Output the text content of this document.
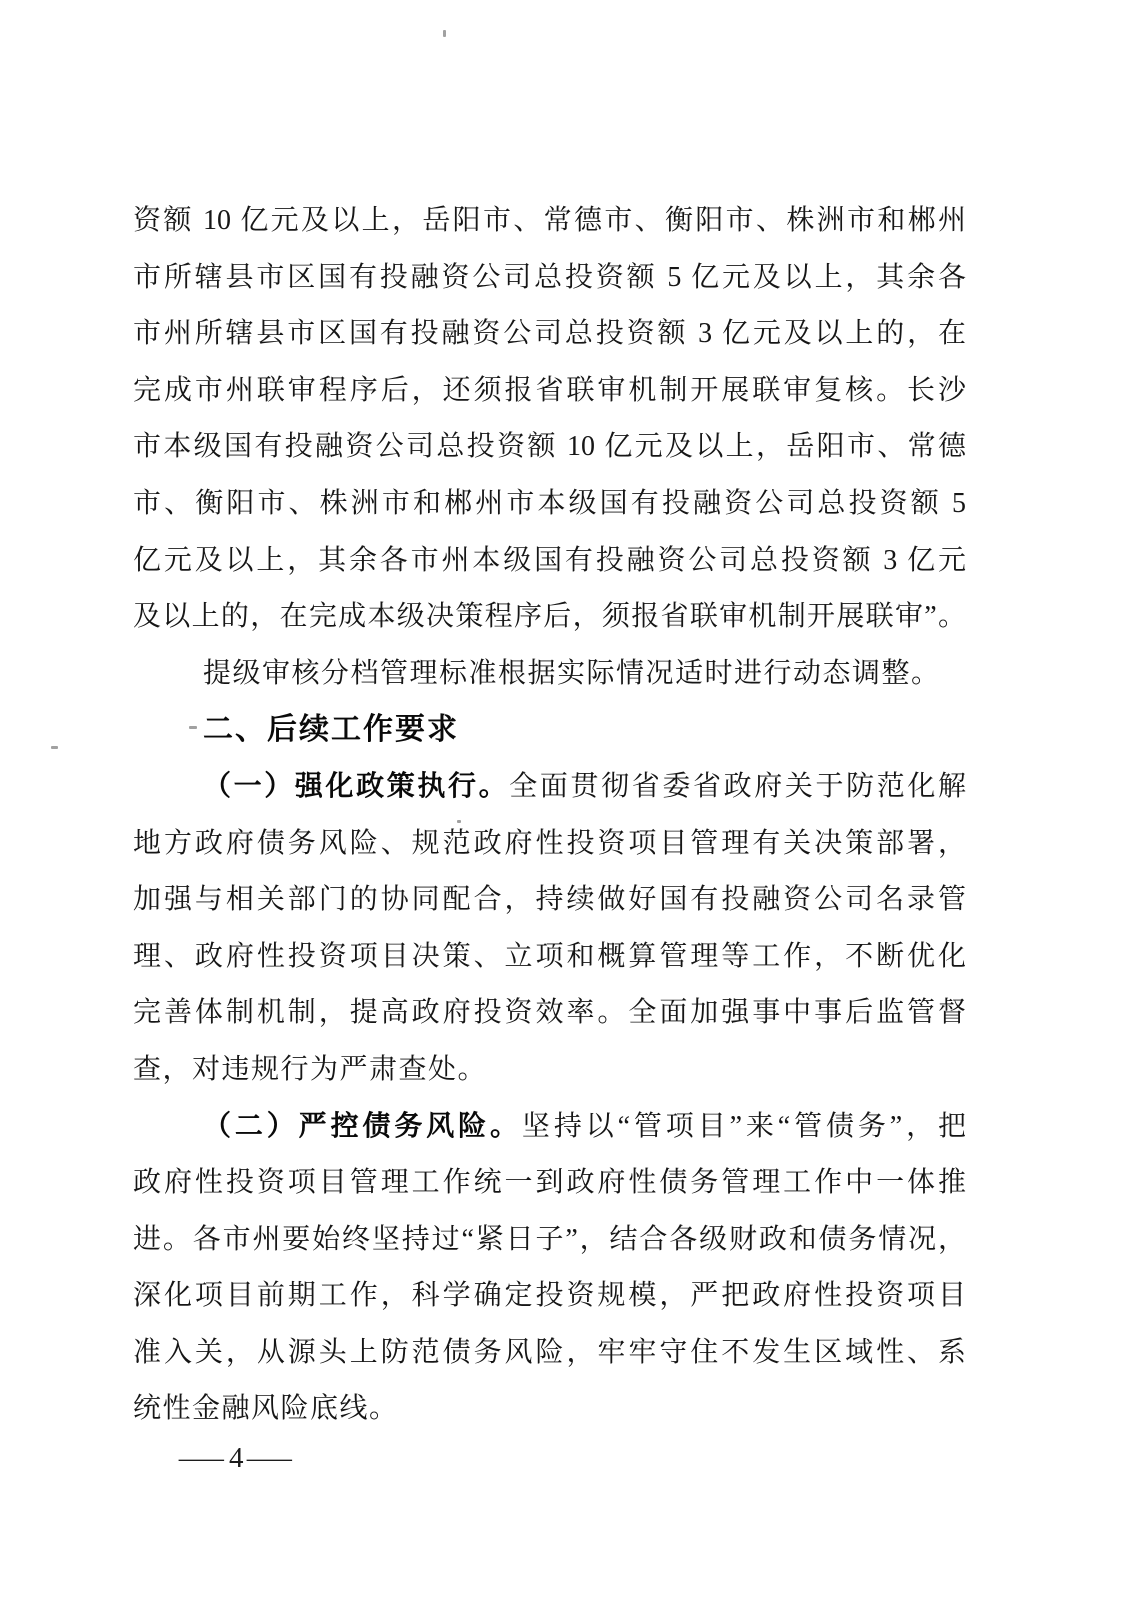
资额 10 亿元及以上，岳阳市、常德市、衡阳市、株洲市和郴州
市所辖县市区国有投融资公司总投资额 5 亿元及以上，其余各
市州所辖县市区国有投融资公司总投资额 3 亿元及以上的，在
完成市州联审程序后，还须报省联审机制开展联审复核。长沙
市本级国有投融资公司总投资额 10 亿元及以上，岳阳市、常德
市、衡阳市、株洲市和郴州市本级国有投融资公司总投资额 5
亿元及以上，其余各市州本级国有投融资公司总投资额 3 亿元
及以上的，在完成本级决策程序后，须报省联审机制开展联审”。
提级审核分档管理标准根据实际情况适时进行动态调整。
二、后续工作要求
（一）强化政策执行。全面贯彻省委省政府关于防范化解
地方政府债务风险、规范政府性投资项目管理有关决策部署，
加强与相关部门的协同配合，持续做好国有投融资公司名录管
理、政府性投资项目决策、立项和概算管理等工作，不断优化
完善体制机制，提高政府投资效率。全面加强事中事后监管督
查，对违规行为严肃查处。
（二）严控债务风险。坚持以“管项目”来“管债务”，把
政府性投资项目管理工作统一到政府性债务管理工作中一体推
进。各市州要始终坚持过“紧日子”，结合各级财政和债务情况，
深化项目前期工作，科学确定投资规模，严把政府性投资项目
准入关，从源头上防范债务风险，牢牢守住不发生区域性、系
统性金融风险底线。
—4—
